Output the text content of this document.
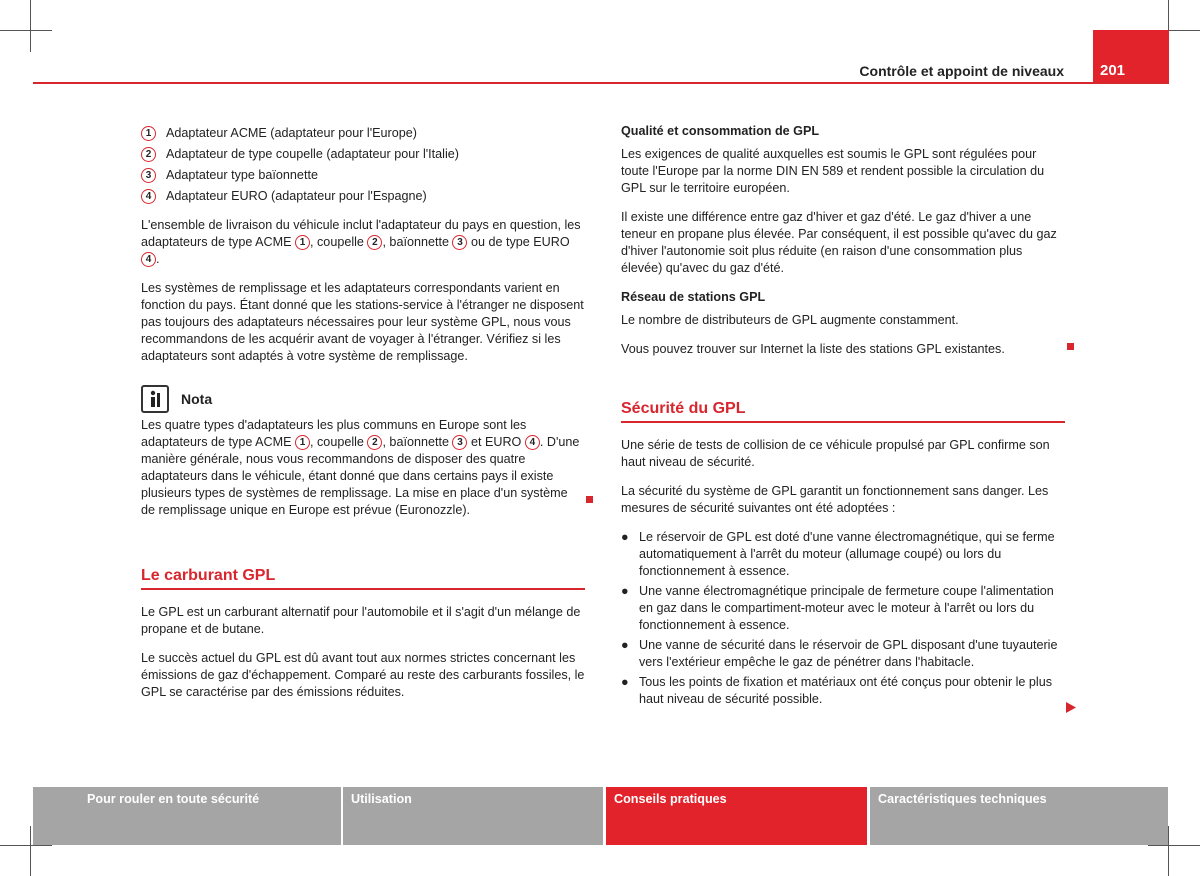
201
Contrôle et appoint de niveaux
1	Adaptateur ACME (adaptateur pour l'Europe)
2	Adaptateur de type coupelle (adaptateur pour l'Italie)
3	Adaptateur type baïonnette
4	Adaptateur EURO (adaptateur pour l'Espagne)

L'ensemble de livraison du véhicule inclut l'adaptateur du pays en question, les adaptateurs de type ACME 1 , coupelle 2 , baïonnette 3 ou de type EURO 4 .

Les systèmes de remplissage et les adaptateurs correspondants varient en fonction du pays. Étant donné que les stations-service à l'étranger ne disposent pas toujours des adaptateurs nécessaires pour leur système GPL, nous vous recommandons de les acquérir avant de voyager à l'étranger. Vérifiez si les adaptateurs sont adaptés à votre système de remplissage.

Nota
Les quatre types d'adaptateurs les plus communs en Europe sont les adaptateurs de type ACME 1 , coupelle 2 , baïonnette 3 et EURO 4 . D'une manière générale, nous vous recommandons de disposer des quatre adaptateurs dans le véhicule, étant donné que dans certains pays il existe plusieurs types de systèmes de remplissage. La mise en place d'un système de remplissage unique en Europe est prévue (Euronozzle).
Le carburant GPL

Le GPL est un carburant alternatif pour l'automobile et il s'agit d'un mélange de propane et de butane.

Le succès actuel du GPL est dû avant tout aux normes strictes concernant les émissions de gaz d'échappement. Comparé au reste des carburants fossiles, le GPL se caractérise par des émissions réduites.

Qualité et consommation de GPL

Les exigences de qualité auxquelles est soumis le GPL sont régulées pour toute l'Europe par la norme DIN EN 589 et rendent possible la circulation du GPL sur le territoire européen.

Il existe une différence entre gaz d'hiver et gaz d'été. Le gaz d'hiver a une teneur en propane plus élevée. Par conséquent, il est possible qu'avec du gaz d'hiver l'autonomie soit plus réduite (en raison d'une consommation plus élevée) qu'avec du gaz d'été.

Réseau de stations GPL

Le nombre de distributeurs de GPL augmente constamment.

Vous pouvez trouver sur Internet la liste des stations GPL existantes.

Sécurité du GPL

Une série de tests de collision de ce véhicule propulsé par GPL confirme son haut niveau de sécurité.

La sécurité du système de GPL garantit un fonctionnement sans danger. Les mesures de sécurité suivantes ont été adoptées :

● Le réservoir de GPL est doté d'une vanne électromagnétique, qui se ferme automatiquement à l'arrêt du moteur (allumage coupé) ou lors du fonctionnement à essence.
● Une vanne électromagnétique principale de fermeture coupe l'alimentation en gaz dans le compartiment-moteur avec le moteur à l'arrêt ou lors du fonctionnement à essence.
● Une vanne de sécurité dans le réservoir de GPL disposant d'une tuyauterie vers l'extérieur empêche le gaz de pénétrer dans l'habitacle.
● Tous les points de fixation et matériaux ont été conçus pour obtenir le plus haut niveau de sécurité possible.
Pour rouler en toute sécurité	Utilisation	Conseils pratiques	Caractéristiques techniques
